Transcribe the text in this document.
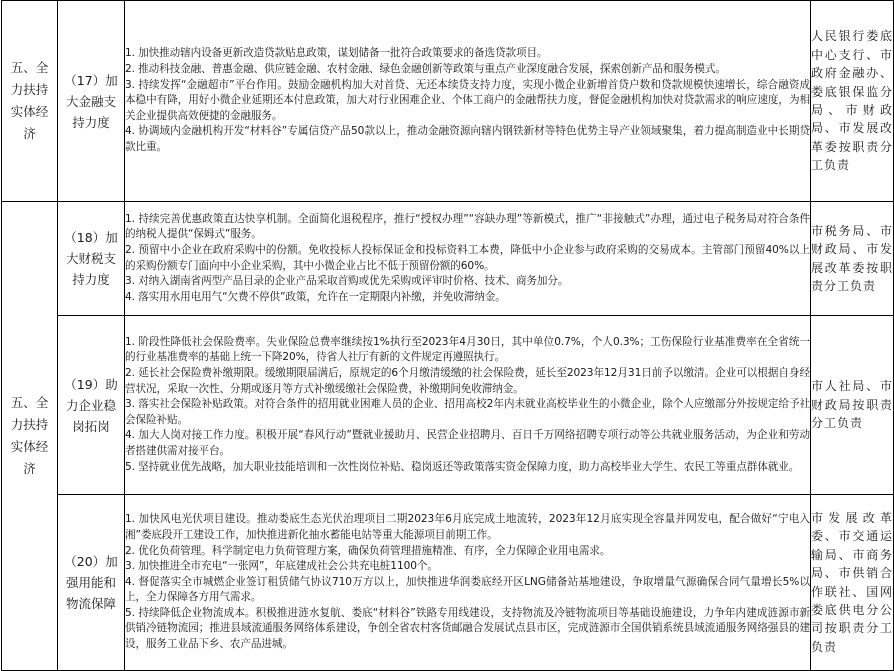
五、全力扶持实体经济	（17）加大金融支持力度	1. 加快推动辖内设备更新改造贷款贴息政策，谋划储备一批符合政策要求的备选贷款项目。

2. 推动科技金融、普惠金融、供应链金融、农村金融、绿色金融创新等政策与重点产业深度融合发展，探索创新产品和服务模式。

3. 持续发挥“金融超市”平台作用。鼓励金融机构加大对首贷、无还本续贷支持力度，实现小微企业新增首贷户数和贷款规模快速增长，综合融资成本稳中有降，用好小微企业延期还本付息政策，加大对行业困难企业、个体工商户的金融帮扶力度，督促金融机构加快对贷款需求的响应速度，为相关企业提供高效便捷的金融服务。

4. 协调域内金融机构开发“材料谷”专属信贷产品50款以上，推动金融资源向辖内钢铁新材等特色优势主导产业领域聚集，着力提高制造业中长期贷款比重。	人民银行娄底中心支行、市政府金融办、娄底银保监分局、市财政局、市发展改革委按职责分工负责

五、全力扶持实体经济	（18）加大财税支持力度	1. 持续完善优惠政策直达快享机制。全面简化退税程序，推行“授权办理”“容缺办理”等新模式，推广“非接触式”办理，通过电子税务局对符合条件的纳税人提供“保姆式”服务。

2. 预留中小企业在政府采购中的份额。免收投标人投标保证金和投标资料工本费，降低中小企业参与政府采购的交易成本。主管部门预留40%以上的采购份额专门面向中小企业采购，其中小微企业占比不低于预留份额的60%。

3. 对纳入湖南省两型产品目录的企业产品采取首购或优先采购或评审时价格、技术、商务加分。

4. 落实用水用电用气“欠费不停供”政策，允许在一定期限内补缴，并免收滞纳金。	市税务局、市财政局、市发展改革委按职责分工负责

	（19）助力企业稳岗拓岗	1. 阶段性降低社会保险费率。失业保险总费率继续按1%执行至2023年4月30日，其中单位0.7%，个人0.3%；工伤保险行业基准费率在全省统一的行业基准费率的基础上统一下降20%，待省人社厅有新的文件规定再遵照执行。

2. 延长社会保险费补缴期限。缓缴期限届满后，原规定的6个月缴清缓缴的社会保险费，延长至2023年12月31日前予以缴清。企业可以根据自身经营状况，采取一次性、分期或逐月等方式补缴缓缴社会保险费，补缴期间免收滞纳金。

3. 落实社会保险补贴政策。对符合条件的招用就业困难人员的企业、招用高校2年内未就业高校毕业生的小微企业，除个人应缴部分外按规定给予社会保险补贴。

4. 加大人岗对接工作力度。积极开展“春风行动”暨就业援助月、民营企业招聘月、百日千万网络招聘专项行动等公共就业服务活动，为企业和劳动者搭建供需对接平台。

5. 坚持就业优先战略，加大职业技能培训和一次性岗位补贴、稳岗返还等政策落实资金保障力度，助力高校毕业大学生、农民工等重点群体就业。	市人社局、市财政局按职责分工负责

	（20）加强用能和物流保障	1. 加快风电光伏项目建设。推动娄底生态光伏治理项目二期2023年6月底完成土地流转，2023年12月底实现全容量并网发电，配合做好“宁电入湘”娄底段开工建设工作，加快推进新化抽水蓄能电站等重大能源项目前期工作。

2. 优化负荷管理。科学制定电力负荷管理方案，确保负荷管理措施精准、有序，全力保障企业用电需求。

3. 加快推进全市充电“一张网”，年底建成社会公共充电桩1100个。

4. 督促落实全市城燃企业签订租赁储气协议710万方以上，加快推进华润娄底经开区LNG储备站基地建设，争取增量气源确保合同气量增长5%以上，全力保障各方用气需求。

5. 持续降低企业物流成本。积极推进涟水复航、娄底“材料谷”铁路专用线建设，支持物流及冷链物流项目等基础设施建设，力争年内建成涟源市新供销冷链物流园；推进县域流通服务网络体系建设，争创全省农村客货邮融合发展试点县市区，完成涟源市全国供销系统县域流通服务网络强县的建设，服务工业品下乡、农产品进城。	市发展改革委、市交通运输局、市商务局、市供销合作联社、国网娄底供电分公司按职责分工负责
